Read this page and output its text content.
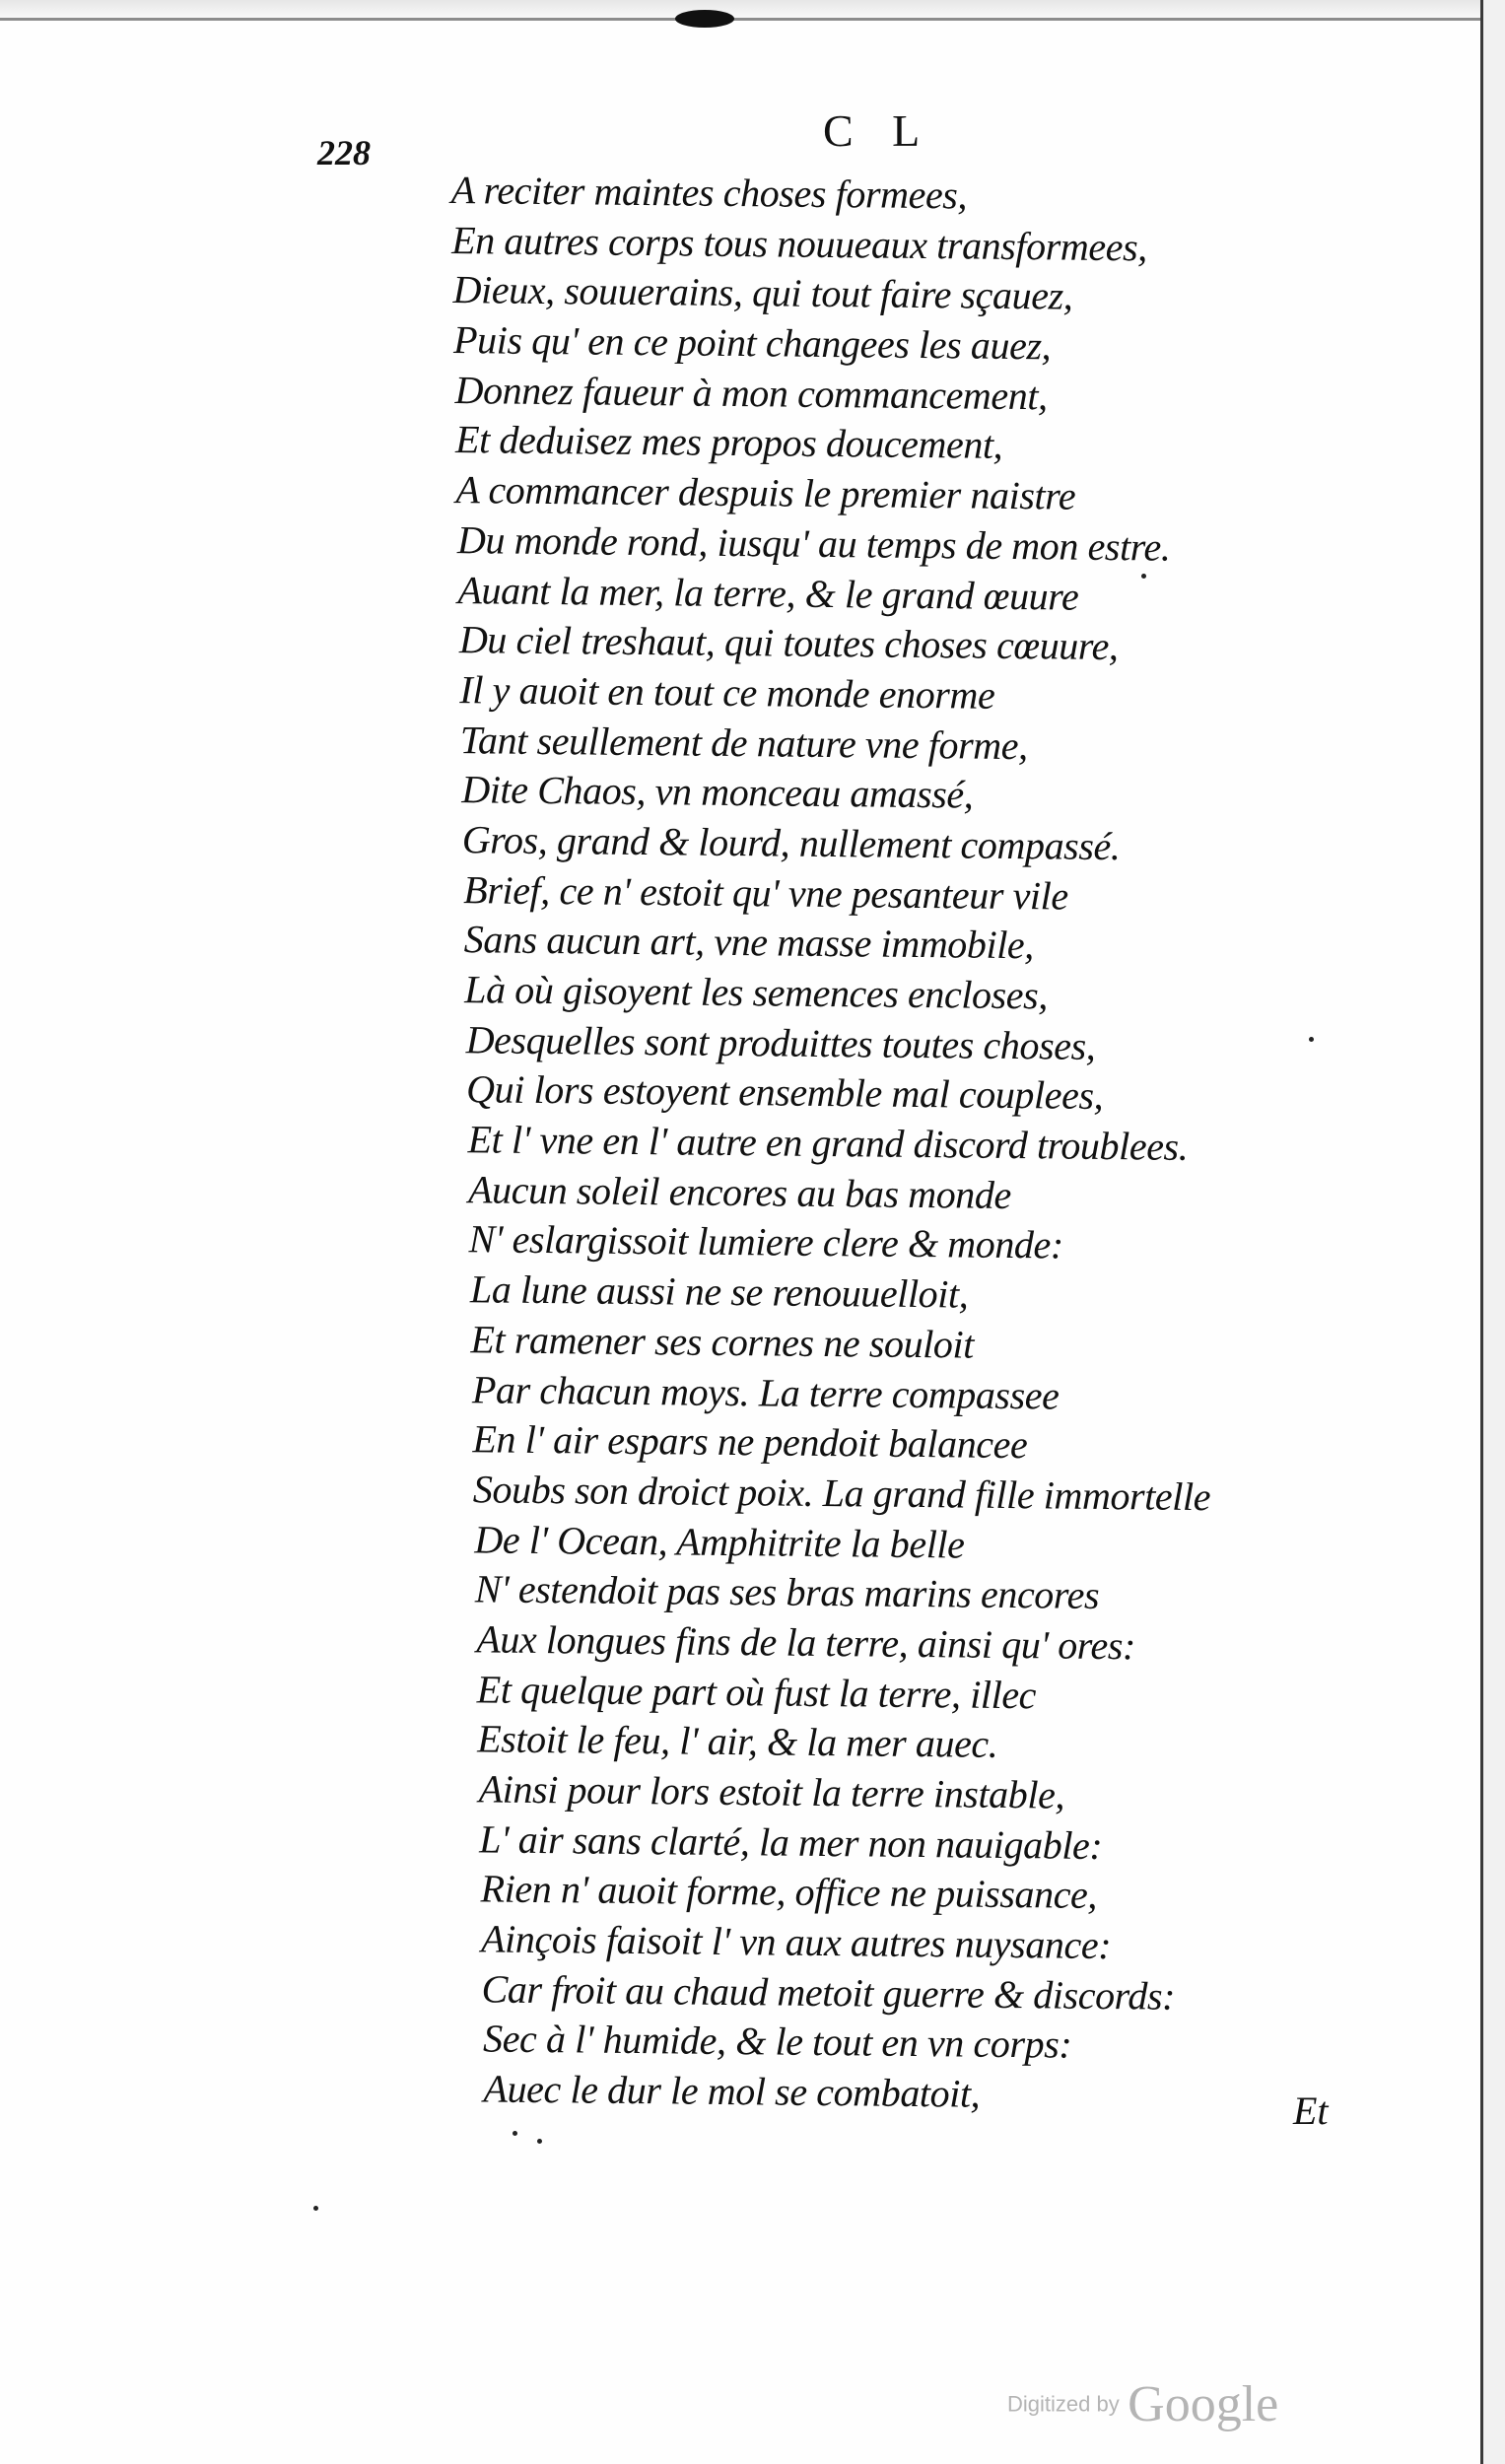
228	C L
A reciter maintes choses formees,
En autres corps tous nouueaux transformees,
Dieux, souuerains, qui tout faire sçauez,
Puis qu' en ce point changees les auez,
Donnez faueur à mon commancement,
Et deduisez mes propos doucement,
A commancer despuis le premier naistre
Du monde rond, iusqu' au temps de mon estre.
Auant la mer, la terre, & le grand œuure
Du ciel treshaut, qui toutes choses cœuure,
Il y auoit en tout ce monde enorme
Tant seullement de nature vne forme,
Dite Chaos, vn monceau amassé,
Gros, grand & lourd, nullement compassé.
Brief, ce n' estoit qu' vne pesanteur vile
Sans aucun art, vne masse immobile,
Là où gisoyent les semences encloses,
Desquelles sont produittes toutes choses,
Qui lors estoyent ensemble mal couplees,
Et l' vne en l' autre en grand discord troublees.
Aucun soleil encores au bas monde
N' eslargissoit lumiere clere & monde:
La lune aussi ne se renouuelloit,
Et ramener ses cornes ne souloit
Par chacun moys. La terre compassee
En l' air espars ne pendoit balancee
Soubs son droict poix. La grand fille immortelle
De l' Ocean, Amphitrite la belle
N' estendoit pas ses bras marins encores
Aux longues fins de la terre, ainsi qu' ores:
Et quelque part où fust la terre, illec
Estoit le feu, l' air, & la mer auec.
Ainsi pour lors estoit la terre instable,
L' air sans clarté, la mer non nauigable:
Rien n' auoit forme, office ne puissance,
Ainçois faisoit l' vn aux autres nuysance:
Car froit au chaud metoit guerre & discords:
Sec à l' humide, & le tout en vn corps:
Auec le dur le mol se combatoit,	Et
Digitized by Google
